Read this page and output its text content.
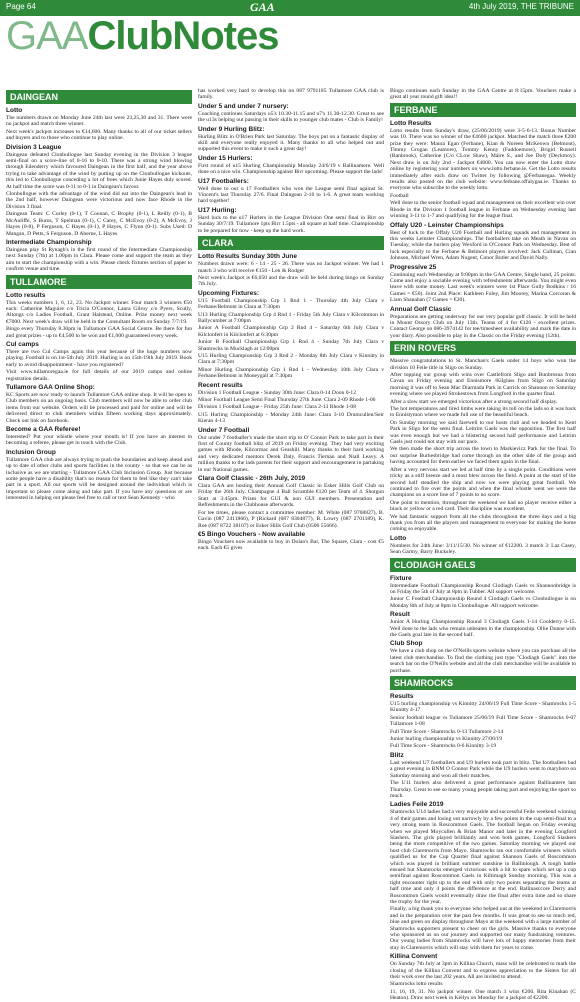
Page 64	GAA	4th July 2019, THE TRIBUNE
GAAClubNotes
DAINGEAN
Lotto

The numbers drawn on Monday June 24th last were 23,25,30 and 31. There were no jackpot and match three winner.

Next week's jackpot increases to €14,600. Many thanks to all of our ticket sellers and buyers and to those who continue to play online.

Division 3 League

Daingean defeated Clonbullogue last Sunday evening in the Division 3 league semi-final on a score-line of 0-16 to 0-10. There was a strong wind blowing through Edenderry which favoured Daingean in the first half, and the year above trying to take advantage of the wind by putting up on the Clonbullogue kickouts, this led to Clonbullogue conceding a lot of frees which Junie Hayes duly scored. At half time the score was 0-11 to 0-1 in Daingean's favour.

Clonbullogue with the advantage of the wind did eat into the Daingean's lead in the 2nd half, however Daingean were victorious and now face Rhode in the Division 3 final.

Daingean Team: C Curley (0-1), T Coonan, C Brophy (0-1), L Reilly (0-1), B McAuliffe, S Burns, T Spelman (0-1), C Carey, C McEvoy (0-2), A McEvoy, J Hayes (0-8), P Ferguson, C Hayes (0-1), P Hayes, C Flynn (0-1). Subs Used: D Mangan, D Petts, S Ferguson, D Aherne, L Hayes

Intermediate Championship

Daingean play St Rynagh's in the first round of the Intermediate Championship next Sunday (7th) at 1.00pm in Clara. Please come and support the team as they aim to start the championship with a win. Please check fixtures section of paper to confirm venue and time.

TULLAMORE
Lotto results

This weeks numbers 1, 6, 12, 23. No Jackpot winner. Four match 3 winners €50 each: Catherine Maguire c/o Tricia O'Connor, Laura Gilroy c/o Pyers, Scully, Altongs c/o Ladies Football, Grant Halstead, Online. Prize money next week €7000. Next week's draw will be held in the Consultant Room on Sunday 7/7/19.

Bingo every Thursday 8.30pm in Tullamore GAA Social Centre. Be there for fun and great prizes - up to €4,500 to be won and €1,000 guaranteed every week.

Cul camps

There are two Cul Camps again this year because of the huge numbers now playing. Football is on 1st-5th July 2019. Hurling is on 15th-19th July 2019. Book early to avoid disappointment - have you registered?

Visit www.tullamoregaa.ie for full details of our 2019 camps and online registration details.

Tullamore GAA Online Shop:

KC Sports are now ready to launch Tullamore GAA online shop. It will be open to Club members on an ongoing basis. Club members will now be able to order club items from our website. Orders will be processed and paid for online and will be delivered direct to club members within fifteen working days approximately. Check out link on facebook.

Become a GAA Referee!

Interested? Put your whistle where your mouth is! If you have an interest in becoming a referee, please get in touch with the Club.

Inclusion Group

Tullamore GAA club are always trying to push the boundaries and keep ahead and up to date of other clubs and sports facilities in the county - so that we can be as inclusive as we are starting - Tullamore GAA Club Inclusion Group. Just because some people have a disability that's no reason for them to feel like they can't take part in a sport. All our sports will be designed around the individual which is important so please come along and take part. If you have any questions or are interested in helping out please feel free to call or text Sean Kennedy - who

has worked very hard to develop this on 087 9791185 Tullamore GAA club is family.

Under 5 and under 7 nursery:

Coaching continues Saturdays u5's 10.30-11.15 and u7's 11.30-12.30. Great to see the u13s helping out passing in their skills to younger club mates - Club is Family!

Under 9 Hurling Blitz:

Hurling Blitz in O'Brien Park last Saturday. The boys put on a fantastic display of skill and everyone really enjoyed it. Many thanks to all who helped out and supported this event to make it such a great day!

Under 15 Hurlers:

First round of u15 Hurling Championship Monday 24/6/19 v Ballinamere. Well done on a nice win. Championship against Birr upcoming. Please support the lads!

U17 Footballers:

Well done to our u 17 Footballers who won the League semi final against St. Vincent's last Thursday 27/6. Final Daingean 2-16 to 1-6. A great team working hard together!

U17 Hurling:

Hard luck to the u17 Hurlers in the League Division One semi final in Birr on Sunday 30/7/19. Tullamore 1pts Birr 1.5pts - all square at half time. Championship to be prepared for now - keep up the hard work.

CLARA
Lotto Results Sunday 30th June

Numbers drawn were: 6 - 14 - 25 - 26. There was no Jackpot winner. We had 1 match 3 who will receive €150 - Len & Rodger

Next week's Jackpot is €6,050 and the draw will be held during bingo on Sunday 7th July.

Upcoming Fixtures:

U15 Football Championship Grp 1 Rnd 1 - Thursday 4th July Clara v Ferbane/Belmont in Clara at 7:30pm

U13 Hurling Championship Grp 4 Rnd 1 - Friday 5th July Clara v Kilcommon in Ballycumber at 7:00pm

Junior A Football Championship Grp 2 Rnd 4 - Saturday 6th July Clara v Kilclonfert in Kilclonfert at 6:30pm

Junior B Football Championship Grp 1 Rnd 4 - Sunday 7th July Clara v Shamrocks in Mucklagh at 12:00pm

U15 Hurling Championship Grp 3 Rnd 2 - Monday 8th July Clara v Kinnitty in Clara at 7:30pm

Minor Hurling Championship Grp 1 Rnd 1 - Wednesday 10th July Clara v Ferbane/Belmont in Moneygall at 7:30pm

Recent results

Division 1 Football League - Sunday 30th June: Clara 0-14 Doon 0-12

Minor Football League Semi Final Thursday 27th June: Clara 2-09 Rhode 1-06

Division 1 Football League - Friday 25th June: Clara 2-13 Rhode 1-08

U15 Hurling Championship - Monday 24th June: Clara 3-10 Drumcullen/Seir Kieran 4-13

Under 7 Football

Our under 7 footballer's made the short trip to O' Connor Park to take part in their first of County football blitz of 2019 on Friday evening. They had very exciting games with Rhode, Kilcormac and Geashill. Many thanks to their hard working and very dedicated mentors Derek Daly, Francis Tiernan and Niall Leavy. A million thanks to the lads parents for their support and encouragement in partaking in our National games.

Clara Golf Classic - 26th July, 2019

Clara GAA are hosting their Annual Golf Classic in Esker Hills Golf Club on Friday the 26th July. Champagne 4 Ball Scramble €120 per Team of 4. Shotgun Start at 3:45pm. Prizes for GUI & non GUI members. Presentation and Refreshments in the Clubhouse afterwards.

For tee times, please contact a committee member: M. White (087 9768827), B. Gavin (087 2411866), P (Rickard (087 8304877), B. Lowry (087 2701189), K. Roe (087 8722 38107) or Esker Hills Golf Club (0506 55666).

€5 Bingo Vouchers - Now available

Bingo Vouchers now available to buy in Dolan's Bar, The Square, Clara - cost €5 each. Each €5 gives

Bingo continues each Sunday in the GAA Centre at 8:15pm. Vouchers make a great all year round gift idea!!

FERBANE
Lotto Results

Lotto results from Sunday's draw, (25/06/2019) were 3-5-6-13. Bonus Number was 10. There was no winner of the €4600 jackpot. Matched the match three €200 prize they were: Maura Egan (Ferbane), Kian & Noreen McKeown (Belmont), Timmy Grogan (Leamore), Tommy Kenny (Faddoemore), Brigid Russell (Banbrook), Catherine (C/o CLow Shaw), Máire S., and Joe Doly (Deckmoy). Next draw is on July 2nd - Jackpot €4800. You can now enter the Lotto draw online by registering your numbers on www.lotto.ferbane.ie. Get the Lotto results immediately after each draw on Twitter by following @Ferbanegaa. Weekly results also posted on the club website: www.ferbane.offalygaa.ie. Thanks to everyone who subscribe to the weekly lotto.

Football

Well done to the senior football squad and management on their excellent win over Rhode in the Division 1 football league in Ferbane on Wednesday evening last winning 3-11 to 1-7 and qualifying for the league final.

Offaly U20 - Leinster Championships

Best of luck to the Offaly U20 Football and Hurling squads and management in this weeks Leinster Championships. The footballers take on Meath in Navan on Tuesday, while the hurlers play Wexford in O'Connor Park on Wednesday. Best of luck especially to the Ferbane & Belmont players involved: Jack Cullinan, Cian Johnson, Michael Wren, Adam Nugent, Conor Butler and David Nally.

Progressive 25

Continuing each Wednesday at 9:00pm in the GAA Centre, Single hand, 25 points. Come and enjoy a sociable evening with refreshments afterwards. You might even leave with some money. Last week's winners were 1st Place Gully Bodkins / 16 Games = €50). Joint 2nd Place: Kathleen Foley, Jim Moorey, Marina Corcoran & Liam Shanahan (7 Games = €20).

Annual Golf Classic

Preparations are getting underway for our very popular golf classic. It will be held in Mount Ossory Club on July 13th. Teams of 4 for €120 - excellent prizes. Contact George on 086-3974142 for tee/timesheet availability and mark the date in your diary. Also possible to play in the Classic on the Friday evening (12th).

ERIN ROVERS

Massive congratulations to St. Manchan's Gaels under 14 boys who won the division 10 Feile title in Sligo on Sunday.

After topping our group with wins over Castlefrom Sligo and Bunbrosna from Cavan on Friday evening and Ennismore /Kilglass from Sligo on Saturday morning it was off to Sean Mac Diarmada Park in Carrick on Shannon on Saturday evening where we played Strokestown from Longford in the quarter final.

After a slow start we emerged victorious after a strong second half display.

The hot temperatures and tired limbs were taking its toll on the lads so it was back to Ennistymon where we made full use of the beautiful beach.

On Sunday morning we said farewell to our hosts club and we headed to Kent Park in Sligo for the semi final. Leitrim Gaels was the opposition. The first half was even enough but we had a blistering second half performance and Leitrim Gaels just could not stay with our pace.

We then made the short trip across the town to Markievicz Park for the final. To our surprise Burhesbridge had come through on the other side of the group and having accounted for them earlier we faced them again in the final.

After a very nervous start we led at half time by a single point. Conditions were tricky as a stiff breeze and a most blew across the field. A point at the start of the second half steadied the ship and now we were playing great football. We continued to fire over the points and when the final whistle went we were the champions on a score line of 7 points to no score.

One point to mention, throughout the weekend we had no player receive either a black or yellow or a red card. Their discipline was excellent.

We had fantastic support from all the clubs throughout the three days and a big thank you from all the players and management to everyone for making the home coming so enjoyable.

Lotto

Numbers for 24th June: 3/11/15/30. No winner of €12200. 3 match 3: Laz Casey, Sean Garmy, Barry Bucksley.

CLODIAGH GAELS
Fixture

Intermediate Football Championship Round Clodiagh Gaels vs Shannonbridge is on Friday the 5th of July at 8pm in Tubber. All support welcome.

Junior C Football Championship Round 4 Clodiagh Gaels vs Clonbullogue is on Monday 8th of July at 8pm in Clonbullogue. All support welcome.

Result

Junior A Hurling Championship Round 3 Clodiagh Gaels 1-14 Coolderry 0-15. Well done to the lads who remain unbeaten in the championship. Ollie Dunne with the Gaels goal late in the second half.

Club Shop

We have a club shop on the O'Neills sports website where you can purchase all the latest club merchandise. To find the clothing just type "Clodiagh Gaels" into the search bar on the O'Neills website and all the club merchandise will be available to purchase.

SHAMROCKS
Results

U15 hurling championship vs Kinnitty 24/06/19 Full Time Score - Shamrocks 1-5 Kinnitty 4-17

Senior football league vs Tullamore 25/06/19 Full Time Score - Shamrocks 0-07 Tullamore 1-08

Full Time Score - Shamrocks 0-13 Tullamore 2-14

Junior hurling championship vs Kinnitty 27/06/19

Full Time Score - Shamrocks 0-6 Kinnitty 3-19

Blitz

Last weekend U7 footballers and U9 hurlers took part in blitz. The footballers had a great evening in BNM O Connor Park while the U9 hurlers went to maryboro on Saturday morning and won all their matches.

The U11 hurlers also delivered a great performance against Ballinamere last Thursday. Great to see so many young people taking part and enjoying the sport so much.

Ladies Feile 2019

Shamrocks U14 ladies had a very enjoyable and successful Feile weekend winning 4 of their games and losing out narrowly by a few points in the cup semi-final to a very strong team in Roscommon Gaels. The football began on Friday evening when we played Moycullen & Brian Manor and later in the evening Longford Slashers. The girls played brilliantly and won both games, Longford Slashers being the more competitive of the two games. Saturday morning we played our host club Claremorris from Mayo. Shamrocks ran out comfortable winners which qualified us for the Cup Quarter final against Shannon Gaels of Roscommon which was played in brilliant summer sunshine in Ballinlough. A tough battle ensued but Shamrocks emerged victorious with a hit to spare which set up a cup semifinal against Roscommon Gaels in Kiltimagh Sunday morning. This was a tight encounter right up to the end with only two points separating the teams at half time and only 4 points the difference at the end. Ballinasccore Derry and Roscommon Gaels would eventually draw the final after extra time and so share the trophy for the year.

Finally, a big thank you to everyone who helped out at the weekend in Claremorris and in the preparation over the past few months. It was great to see so much red, blue and green on display throughout Mayo at the weekend with a large number of Shamrocks supporters present to cheer on the girls. Massive thanks to everyone who sponsored us on our journey and supported our many fundraising ventures. Our young ladies from Shamrocks will have lots of happy memories from their stay in Claremorris which will stay with them for years to come.

Killina Convent

On Sunday 7th July at 3pm in Killina Church, mass will be celebrated to mark the closing of the Killina Convent and to express appreciation to the Sisters for all their work over the last 202 years. All are invited to attend.

Shamrocks lotto results

11, 16, 19, 31. No jackpot winner. One match 3 wins €200. Rita Kinahan (C Heaton). Draw next week in Kellys on Monday for a jackpot of €2200.
